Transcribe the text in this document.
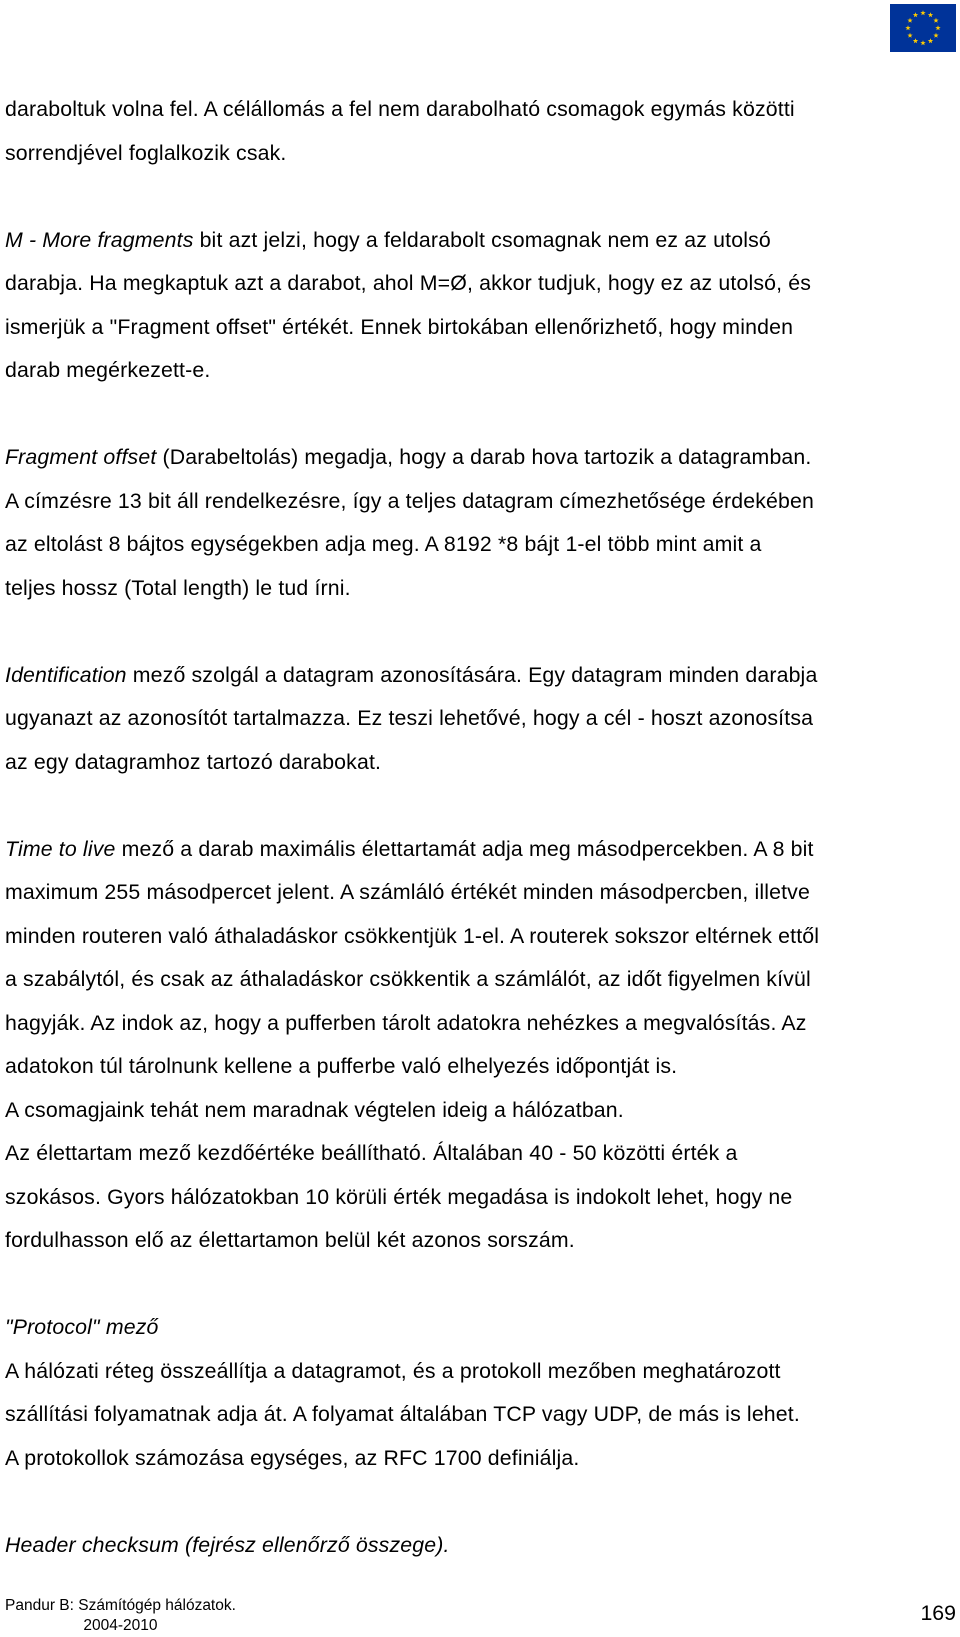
daraboltuk volna fel. A célállomás a fel nem darabolható csomagok egymás közötti

sorrendjével foglalkozik csak.

M - More fragments bit azt jelzi, hogy a feldarabolt csomagnak nem ez az utolsó

darabja. Ha megkaptuk azt a darabot, ahol M=Ø, akkor tudjuk, hogy ez az utolsó, és

ismerjük a "Fragment offset" értékét. Ennek birtokában ellenőrizhető, hogy minden

darab megérkezett-e.

Fragment offset (Darabeltolás) megadja, hogy a darab hova tartozik a datagramban.

A címzésre 13 bit áll rendelkezésre, így a teljes datagram címezhetősége érdekében

az eltolást 8 bájtos egységekben adja meg. A 8192 *8 bájt 1-el több mint amit a

teljes hossz (Total length) le tud írni.

Identification mező szolgál a datagram azonosítására. Egy datagram minden darabja

ugyanazt az azonosítót tartalmazza. Ez teszi lehetővé, hogy a cél - hoszt azonosítsa

az egy datagramhoz tartozó darabokat.

Time to live mező a darab maximális élettartamát adja meg másodpercekben. A 8 bit

maximum 255 másodpercet jelent. A számláló értékét minden másodpercben, illetve

minden routeren való áthaladáskor csökkentjük 1-el. A routerek sokszor eltérnek ettől

a szabálytól, és csak az áthaladáskor csökkentik a számlálót, az időt figyelmen kívül

hagyják. Az indok az, hogy a pufferben tárolt adatokra nehézkes a megvalósítás. Az

adatokon túl tárolnunk kellene a pufferbe való elhelyezés időpontját is.

A csomagjaink tehát nem maradnak végtelen ideig a hálózatban.

Az élettartam mező kezdőértéke beállítható. Általában 40 - 50 közötti érték a

szokásos. Gyors hálózatokban 10 körüli érték megadása is indokolt lehet, hogy ne

fordulhasson elő az élettartamon belül két azonos sorszám.

"Protocol" mező

A hálózati réteg összeállítja a datagramot, és a protokoll mezőben meghatározott

szállítási folyamatnak adja át. A folyamat általában TCP vagy UDP, de más is lehet.

A protokollok számozása egységes, az RFC 1700 definiálja.

Header checksum (fejrész ellenőrző összege).

Pandur B: Számítógép hálózatok.
2004-2010
169
